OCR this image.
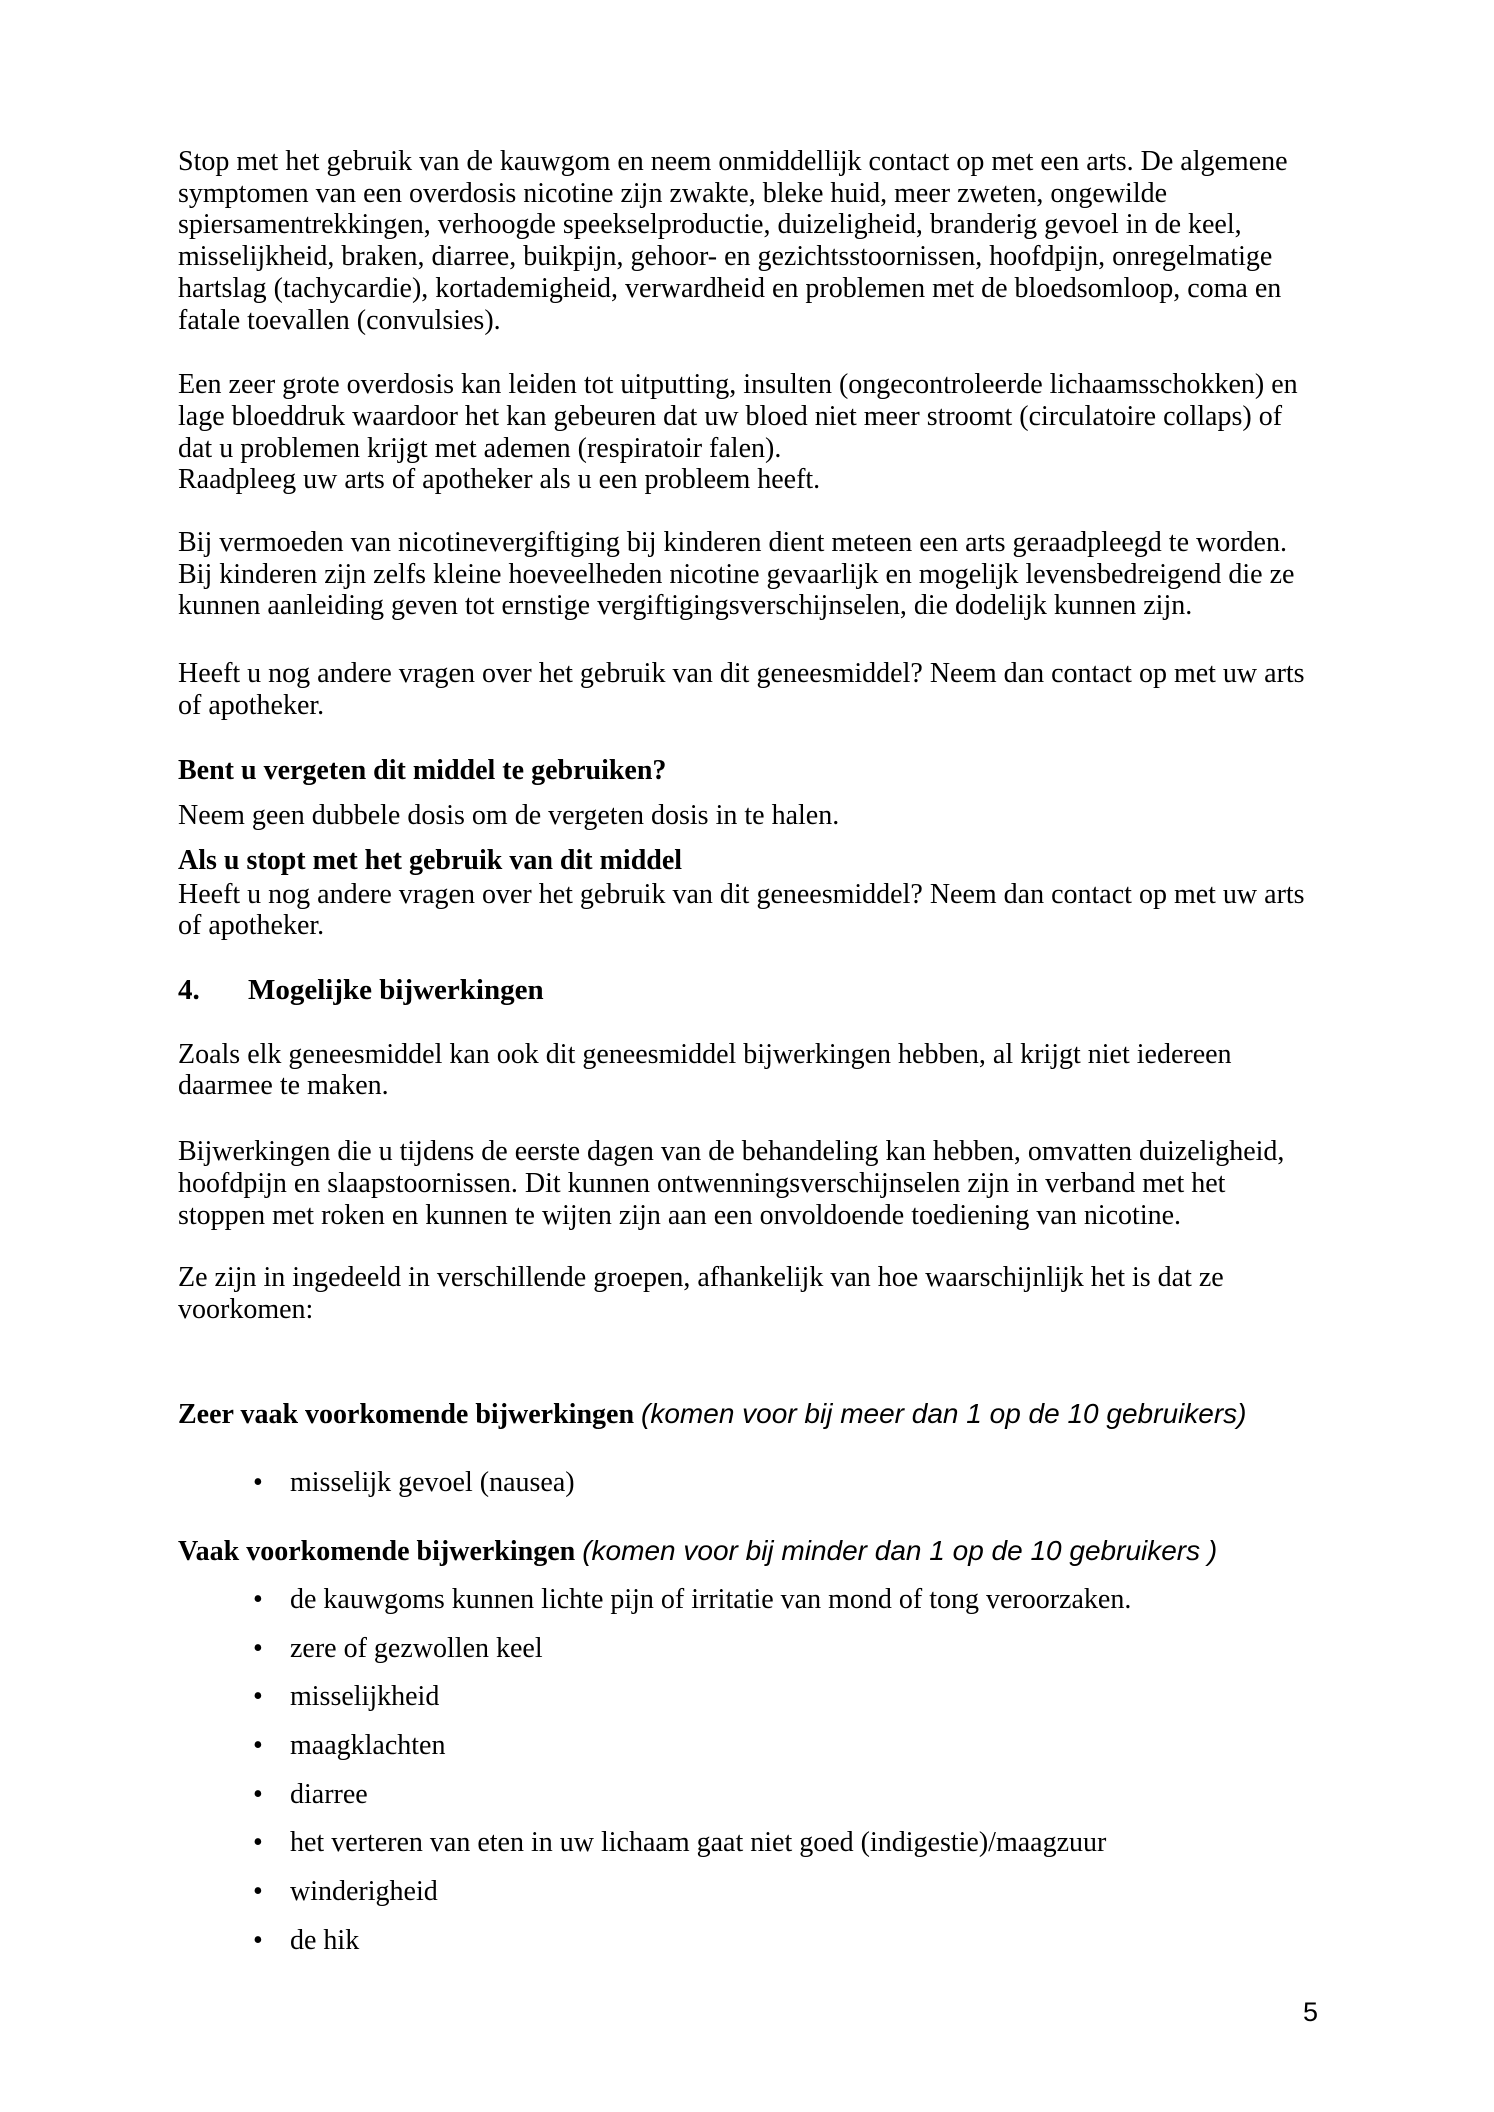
Stop met het gebruik van de kauwgom en neem onmiddellijk contact op met een arts. De algemene symptomen van een overdosis nicotine zijn zwakte, bleke huid, meer zweten, ongewilde spiersamentrekkingen, verhoogde speekselproductie, duizeligheid, branderig gevoel in de keel, misselijkheid, braken, diarree, buikpijn, gehoor- en gezichtsstoornissen, hoofdpijn, onregelmatige hartslag (tachycardie), kortademigheid, verwardheid en problemen met de bloedsomloop, coma en fatale toevallen (convulsies).

Een zeer grote overdosis kan leiden tot uitputting, insulten (ongecontroleerde lichaamsschokken) en lage bloeddruk waardoor het kan gebeuren dat uw bloed niet meer stroomt (circulatoire collaps) of dat u problemen krijgt met ademen (respiratoir falen).

Raadpleeg uw arts of apotheker als u een probleem heeft.

Bij vermoeden van nicotinevergiftiging bij kinderen dient meteen een arts geraadpleegd te worden. Bij kinderen zijn zelfs kleine hoeveelheden nicotine gevaarlijk en mogelijk levensbedreigend die ze kunnen aanleiding geven tot ernstige vergiftigingsverschijnselen, die dodelijk kunnen zijn.

Heeft u nog andere vragen over het gebruik van dit geneesmiddel? Neem dan contact op met uw arts of apotheker.

Bent u vergeten dit middel te gebruiken?

Neem geen dubbele dosis om de vergeten dosis in te halen.

Als u stopt met het gebruik van dit middel

Heeft u nog andere vragen over het gebruik van dit geneesmiddel? Neem dan contact op met uw arts of apotheker.

4.	Mogelijke bijwerkingen

Zoals elk geneesmiddel kan ook dit geneesmiddel bijwerkingen hebben, al krijgt niet iedereen daarmee te maken.

Bijwerkingen die u tijdens de eerste dagen van de behandeling kan hebben, omvatten duizeligheid, hoofdpijn en slaapstoornissen. Dit kunnen ontwenningsverschijnselen zijn in verband met het stoppen met roken en kunnen te wijten zijn aan een onvoldoende toediening van nicotine.

Ze zijn in ingedeeld in verschillende groepen, afhankelijk van hoe waarschijnlijk het is dat ze voorkomen:

Zeer vaak voorkomende bijwerkingen (komen voor bij meer dan 1 op de 10 gebruikers)

• misselijk gevoel (nausea)

Vaak voorkomende bijwerkingen (komen voor bij minder dan 1 op de 10 gebruikers )

• de kauwgoms kunnen lichte pijn of irritatie van mond of tong veroorzaken.
• zere of gezwollen keel
• misselijkheid
• maagklachten
• diarree
• het verteren van eten in uw lichaam gaat niet goed (indigestie)/maagzuur
• winderigheid
• de hik
5
